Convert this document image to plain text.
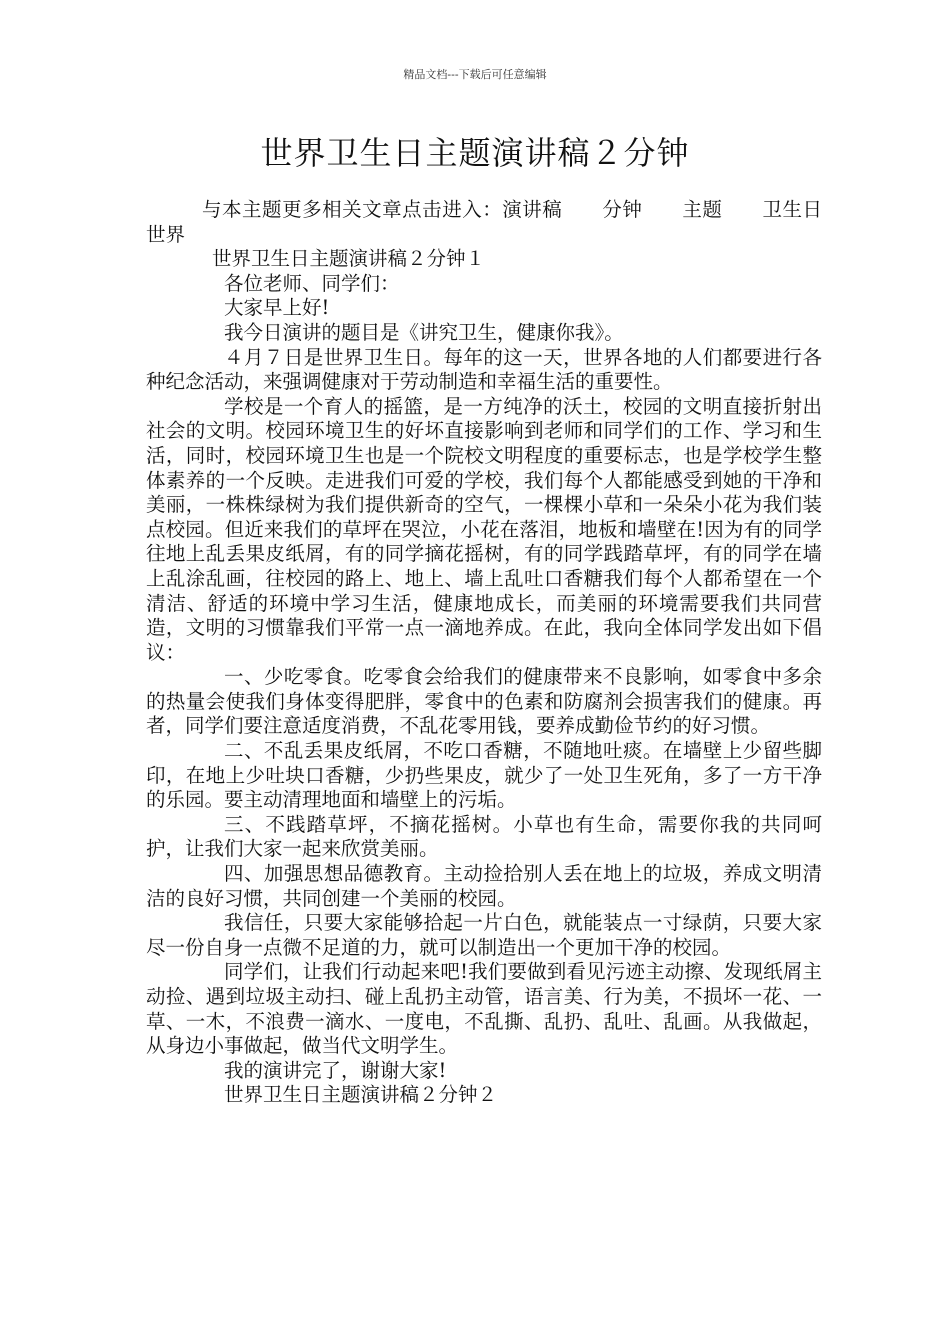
精品文档---下载后可任意编辑
世界卫生日主题演讲稿２分钟

与本主题更多相关文章点击进入：演讲稿　　分钟　　主题　　卫生日　　世界

世界卫生日主题演讲稿２分钟１

各位老师、同学们：

大家早上好!

我今日演讲的题目是《讲究卫生，健康你我》。

４月７日是世界卫生日。每年的这一天，世界各地的人们都要进行各种纪念活动，来强调健康对于劳动制造和幸福生活的重要性。

学校是一个育人的摇篮，是一方纯净的沃土，校园的文明直接折射出社会的文明。校园环境卫生的好坏直接影响到老师和同学们的工作、学习和生活，同时，校园环境卫生也是一个院校文明程度的重要标志，也是学校学生整体素养的一个反映。走进我们可爱的学校，我们每个人都能感受到她的干净和美丽，一株株绿树为我们提供新奇的空气，一棵棵小草和一朵朵小花为我们装点校园。但近来我们的草坪在哭泣，小花在落泪，地板和墙壁在!因为有的同学往地上乱丢果皮纸屑，有的同学摘花摇树，有的同学践踏草坪，有的同学在墙上乱涂乱画，往校园的路上、地上、墙上乱吐口香糖我们每个人都希望在一个清洁、舒适的环境中学习生活，健康地成长，而美丽的环境需要我们共同营造，文明的习惯靠我们平常一点一滴地养成。在此，我向全体同学发出如下倡议：

一、少吃零食。吃零食会给我们的健康带来不良影响，如零食中多余的热量会使我们身体变得肥胖，零食中的色素和防腐剂会损害我们的健康。再者，同学们要注意适度消费，不乱花零用钱，要养成勤俭节约的好习惯。

二、不乱丢果皮纸屑，不吃口香糖，不随地吐痰。在墙壁上少留些脚印，在地上少吐块口香糖，少扔些果皮，就少了一处卫生死角，多了一方干净的乐园。要主动清理地面和墙壁上的污垢。

三、不践踏草坪，不摘花摇树。小草也有生命，需要你我的共同呵护，让我们大家一起来欣赏美丽。

四、加强思想品德教育。主动捡拾别人丢在地上的垃圾，养成文明清洁的良好习惯，共同创建一个美丽的校园。

我信任，只要大家能够拾起一片白色，就能装点一寸绿荫，只要大家尽一份自身一点微不足道的力，就可以制造出一个更加干净的校园。

同学们，让我们行动起来吧!我们要做到看见污迹主动擦、发现纸屑主动捡、遇到垃圾主动扫、碰上乱扔主动管，语言美、行为美，不损坏一花、一草、一木，不浪费一滴水、一度电，不乱撕、乱扔、乱吐、乱画。从我做起，从身边小事做起，做当代文明学生。

我的演讲完了，谢谢大家!

世界卫生日主题演讲稿２分钟２
